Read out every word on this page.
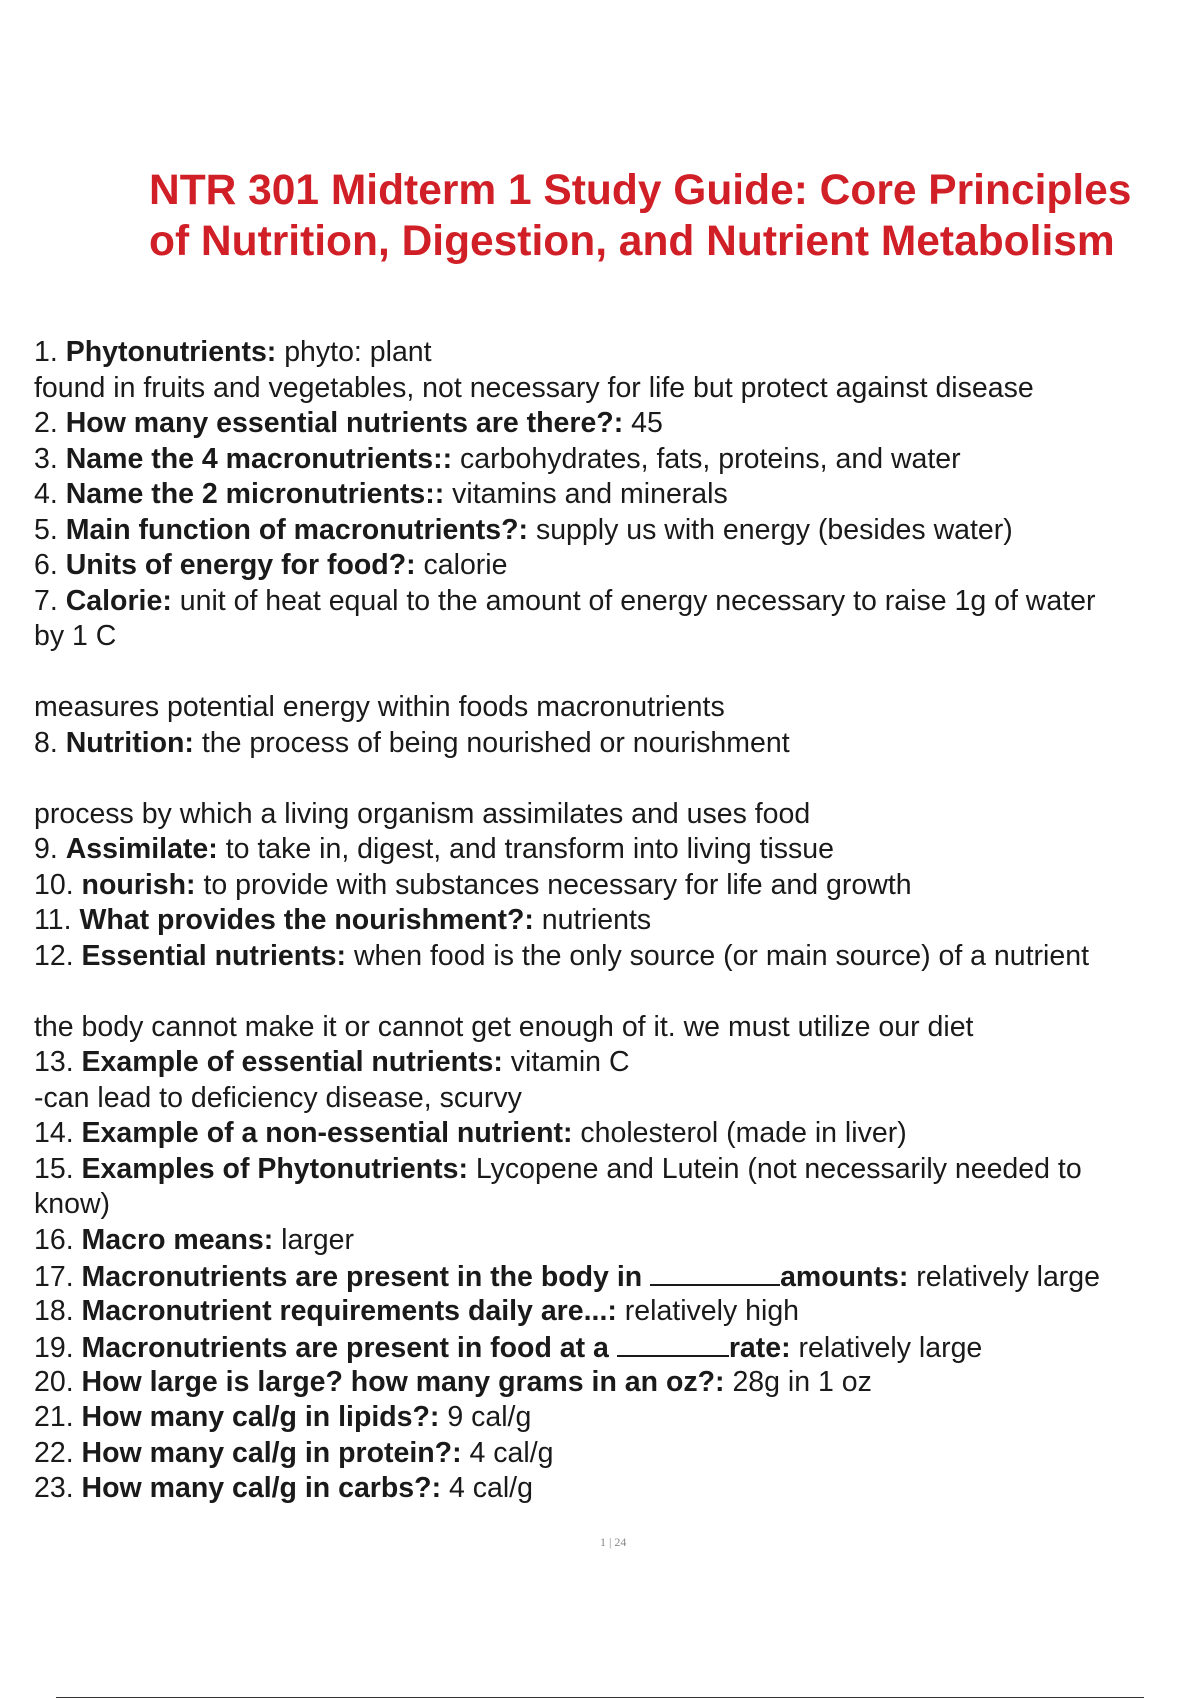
NTR 301 Midterm 1 Study Guide: Core Principles
of Nutrition, Digestion, and Nutrient Metabolism
1. Phytonutrients: phyto: plant
found in fruits and vegetables, not necessary for life but protect against disease
2. How many essential nutrients are there?: 45
3. Name the 4 macronutrients:: carbohydrates, fats, proteins, and water
4. Name the 2 micronutrients:: vitamins and minerals
5. Main function of macronutrients?: supply us with energy (besides water)
6. Units of energy for food?: calorie
7. Calorie: unit of heat equal to the amount of energy necessary to raise 1g of water
by 1 C
measures potential energy within foods macronutrients
8. Nutrition: the process of being nourished or nourishment
process by which a living organism assimilates and uses food
9. Assimilate: to take in, digest, and transform into living tissue
10. nourish: to provide with substances necessary for life and growth
11. What provides the nourishment?: nutrients
12. Essential nutrients: when food is the only source (or main source) of a nutrient
the body cannot make it or cannot get enough of it. we must utilize our diet
13. Example of essential nutrients: vitamin C
-can lead to deficiency disease, scurvy
14. Example of a non-essential nutrient: cholesterol (made in liver)
15. Examples of Phytonutrients: Lycopene and Lutein (not necessarily needed to
know)
16. Macro means: larger
17. Macronutrients are present in the body in	amounts: relatively large
18. Macronutrient requirements daily are...: relatively high
19. Macronutrients are present in food at a	rate: relatively large
20. How large is large? how many grams in an oz?: 28g in 1 oz
21. How many cal/g in lipids?: 9 cal/g
22. How many cal/g in protein?: 4 cal/g
23. How many cal/g in carbs?: 4 cal/g
1 | 24
